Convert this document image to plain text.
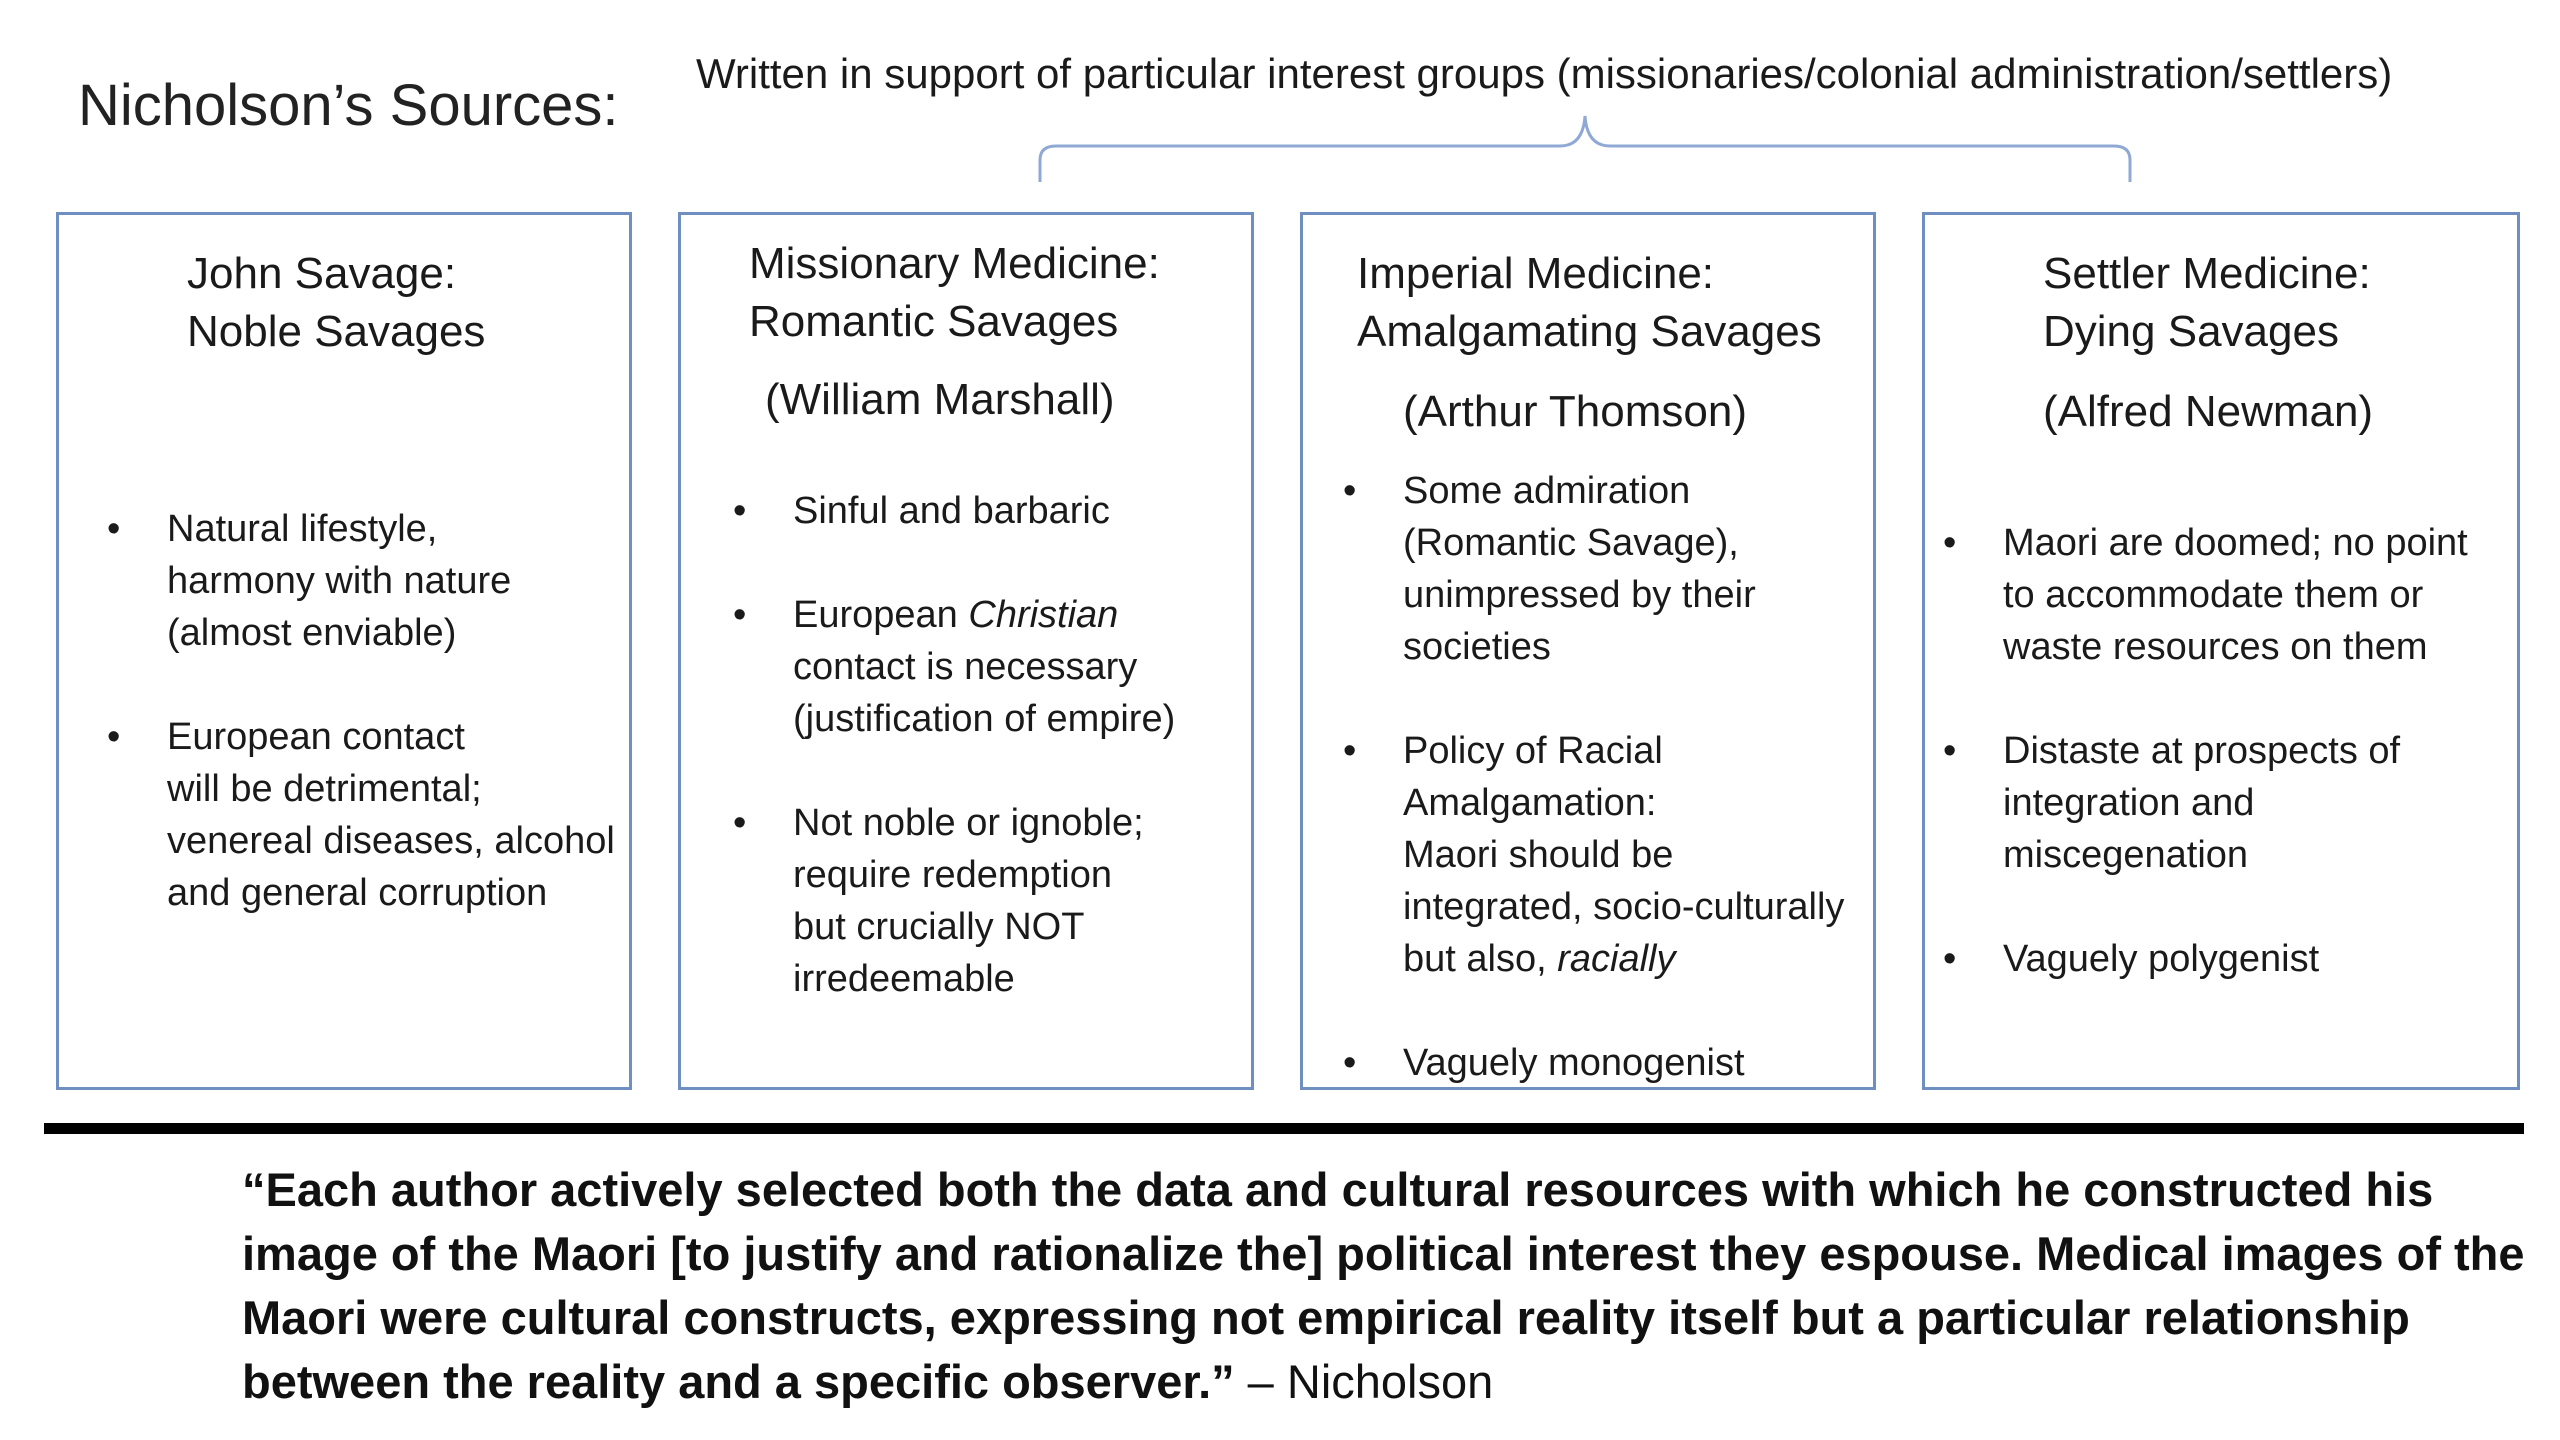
Nicholson’s Sources: Written in support of particular interest groups (missionaries/colonial administration/settlers)
John Savage:
Noble Savages
• Natural lifestyle,
harmony with nature
(almost enviable)
• European contact
will be detrimental;
venereal diseases, alcohol
and general corruption
Missionary Medicine:
Romantic Savages
(William Marshall)
• Sinful and barbaric
• European Christian
contact is necessary
(justification of empire)
• Not noble or ignoble;
require redemption
but crucially NOT
irredeemable
Imperial Medicine:
Amalgamating Savages
(Arthur Thomson)
• Some admiration
(Romantic Savage),
unimpressed by their
societies
• Policy of Racial
Amalgamation:
Maori should be
integrated, socio-culturally
but also, racially
• Vaguely monogenist
Settler Medicine:
Dying Savages
(Alfred Newman)
• Maori are doomed; no point
to accommodate them or
waste resources on them
• Distaste at prospects of
integration and
miscegenation
• Vaguely polygenist
“Each author actively selected both the data and cultural resources with which he constructed his image of the Maori [to justify and rationalize the] political interest they espouse. Medical images of the Maori were cultural constructs, expressing not empirical reality itself but a particular relationship between the reality and a specific observer.” – Nicholson
